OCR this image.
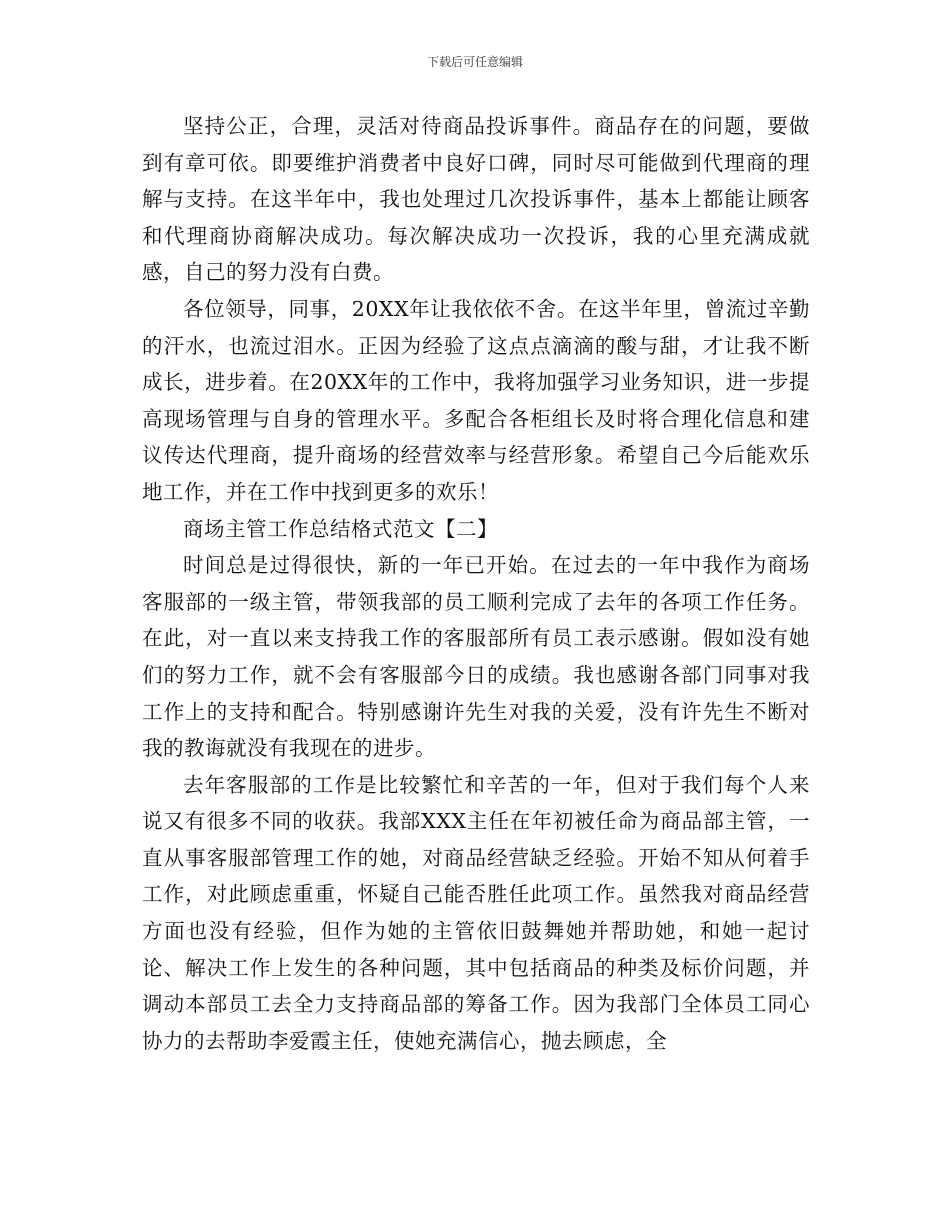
下载后可任意编辑

坚持公正，合理，灵活对待商品投诉事件。商品存在的问题，要做到有章可依。即要维护消费者中良好口碑，同时尽可能做到代理商的理解与支持。在这半年中，我也处理过几次投诉事件，基本上都能让顾客和代理商协商解决成功。每次解决成功一次投诉，我的心里充满成就感，自己的努力没有白费。

各位领导，同事，20XX年让我依依不舍。在这半年里，曾流过辛勤的汗水，也流过泪水。正因为经验了这点点滴滴的酸与甜，才让我不断成长，进步着。在20XX年的工作中，我将加强学习业务知识，进一步提高现场管理与自身的管理水平。多配合各柜组长及时将合理化信息和建议传达代理商，提升商场的经营效率与经营形象。希望自己今后能欢乐地工作，并在工作中找到更多的欢乐！

商场主管工作总结格式范文【二】

时间总是过得很快，新的一年已开始。在过去的一年中我作为商场客服部的一级主管，带领我部的员工顺利完成了去年的各项工作任务。在此，对一直以来支持我工作的客服部所有员工表示感谢。假如没有她们的努力工作，就不会有客服部今日的成绩。我也感谢各部门同事对我工作上的支持和配合。特别感谢许先生对我的关爱，没有许先生不断对我的教诲就没有我现在的进步。

去年客服部的工作是比较繁忙和辛苦的一年，但对于我们每个人来说又有很多不同的收获。我部XXX主任在年初被任命为商品部主管，一直从事客服部管理工作的她，对商品经营缺乏经验。开始不知从何着手工作，对此顾虑重重，怀疑自己能否胜任此项工作。虽然我对商品经营方面也没有经验，但作为她的主管依旧鼓舞她并帮助她，和她一起讨论、解决工作上发生的各种问题，其中包括商品的种类及标价问题，并调动本部员工去全力支持商品部的筹备工作。因为我部门全体员工同心协力的去帮助李爱霞主任，使她充满信心，抛去顾虑，全
